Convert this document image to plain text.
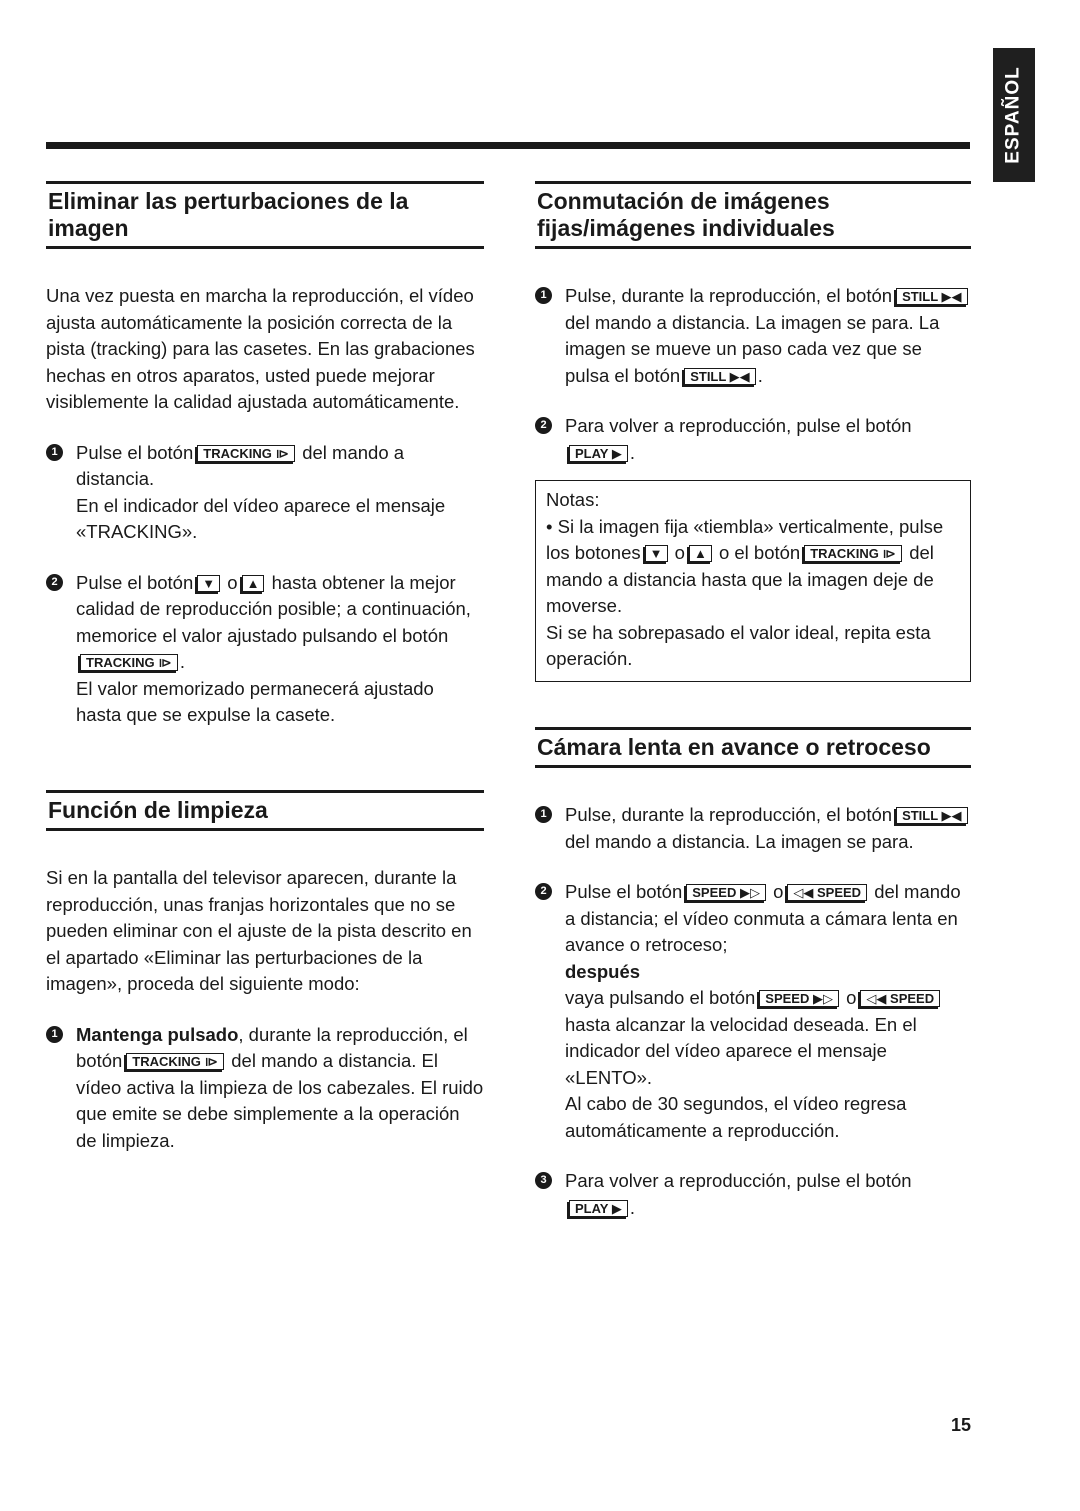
ESPAÑOL
Eliminar las perturbaciones de la imagen

Una vez puesta en marcha la reproducción, el vídeo ajusta automáticamente la posición correcta de la pista (tracking) para las casetes. En las grabaciones hechas en otros aparatos, usted puede mejorar visiblemente la calidad ajustada automáticamente.

1 Pulse el botón TRACKING ⧐ del mando a distancia.
En el indicador del vídeo aparece el mensaje «TRACKING».
2 Pulse el botón ▼ o ▲ hasta obtener la mejor calidad de reproducción posible; a continuación, memorice el valor ajustado pulsando el botónTRACKING ⧐ .
El valor memorizado permanecerá ajustado hasta que se expulse la casete.
Función de limpieza

Si en la pantalla del televisor aparecen, durante la reproducción, unas franjas horizontales que no se pueden eliminar con el ajuste de la pista descrito en el apartado «Eliminar las perturbaciones de la imagen», proceda del siguiente modo:

1 Mantenga pulsado, durante la reproducción, el botón TRACKING ⧐ del mando a distancia. El vídeo activa la limpieza de los cabezales. El ruido que emite se debe simplemente a la operación de limpieza.
Conmutación de imágenes fijas/imágenes individuales
1 Pulse, durante la reproducción, el botón STILL ▶◀ del mando a distancia. La imagen se para. La imagen se mueve un paso cada vez que se pulsa el botón STILL ▶◀ .
2 Para volver a reproducción, pulse el botón
PLAY ▶ .
Notas:
• Si la imagen fija «tiembla» verticalmente, pulse los botones ▼ o ▲ o el botón TRACKING ⧐ del mando a distancia hasta que la imagen deje de moverse.
Si se ha sobrepasado el valor ideal, repita esta operación.
Cámara lenta en avance o retroceso
1 Pulse, durante la reproducción, el botón STILL ▶◀ del mando a distancia. La imagen se para.
2 Pulse el botón SPEED ▶▷ o ◁◀ SPEED del mando a distancia; el vídeo conmuta a cámara lenta en avance o retroceso;
después
vaya pulsando el botón SPEED ▶▷ o ◁◀ SPEED hasta alcanzar la velocidad deseada. En el indicador del vídeo aparece el mensaje «LENTO».
Al cabo de 30 segundos, el vídeo regresa automáticamente a reproducción.
3 Para volver a reproducción, pulse el botón
PLAY ▶ .
15
